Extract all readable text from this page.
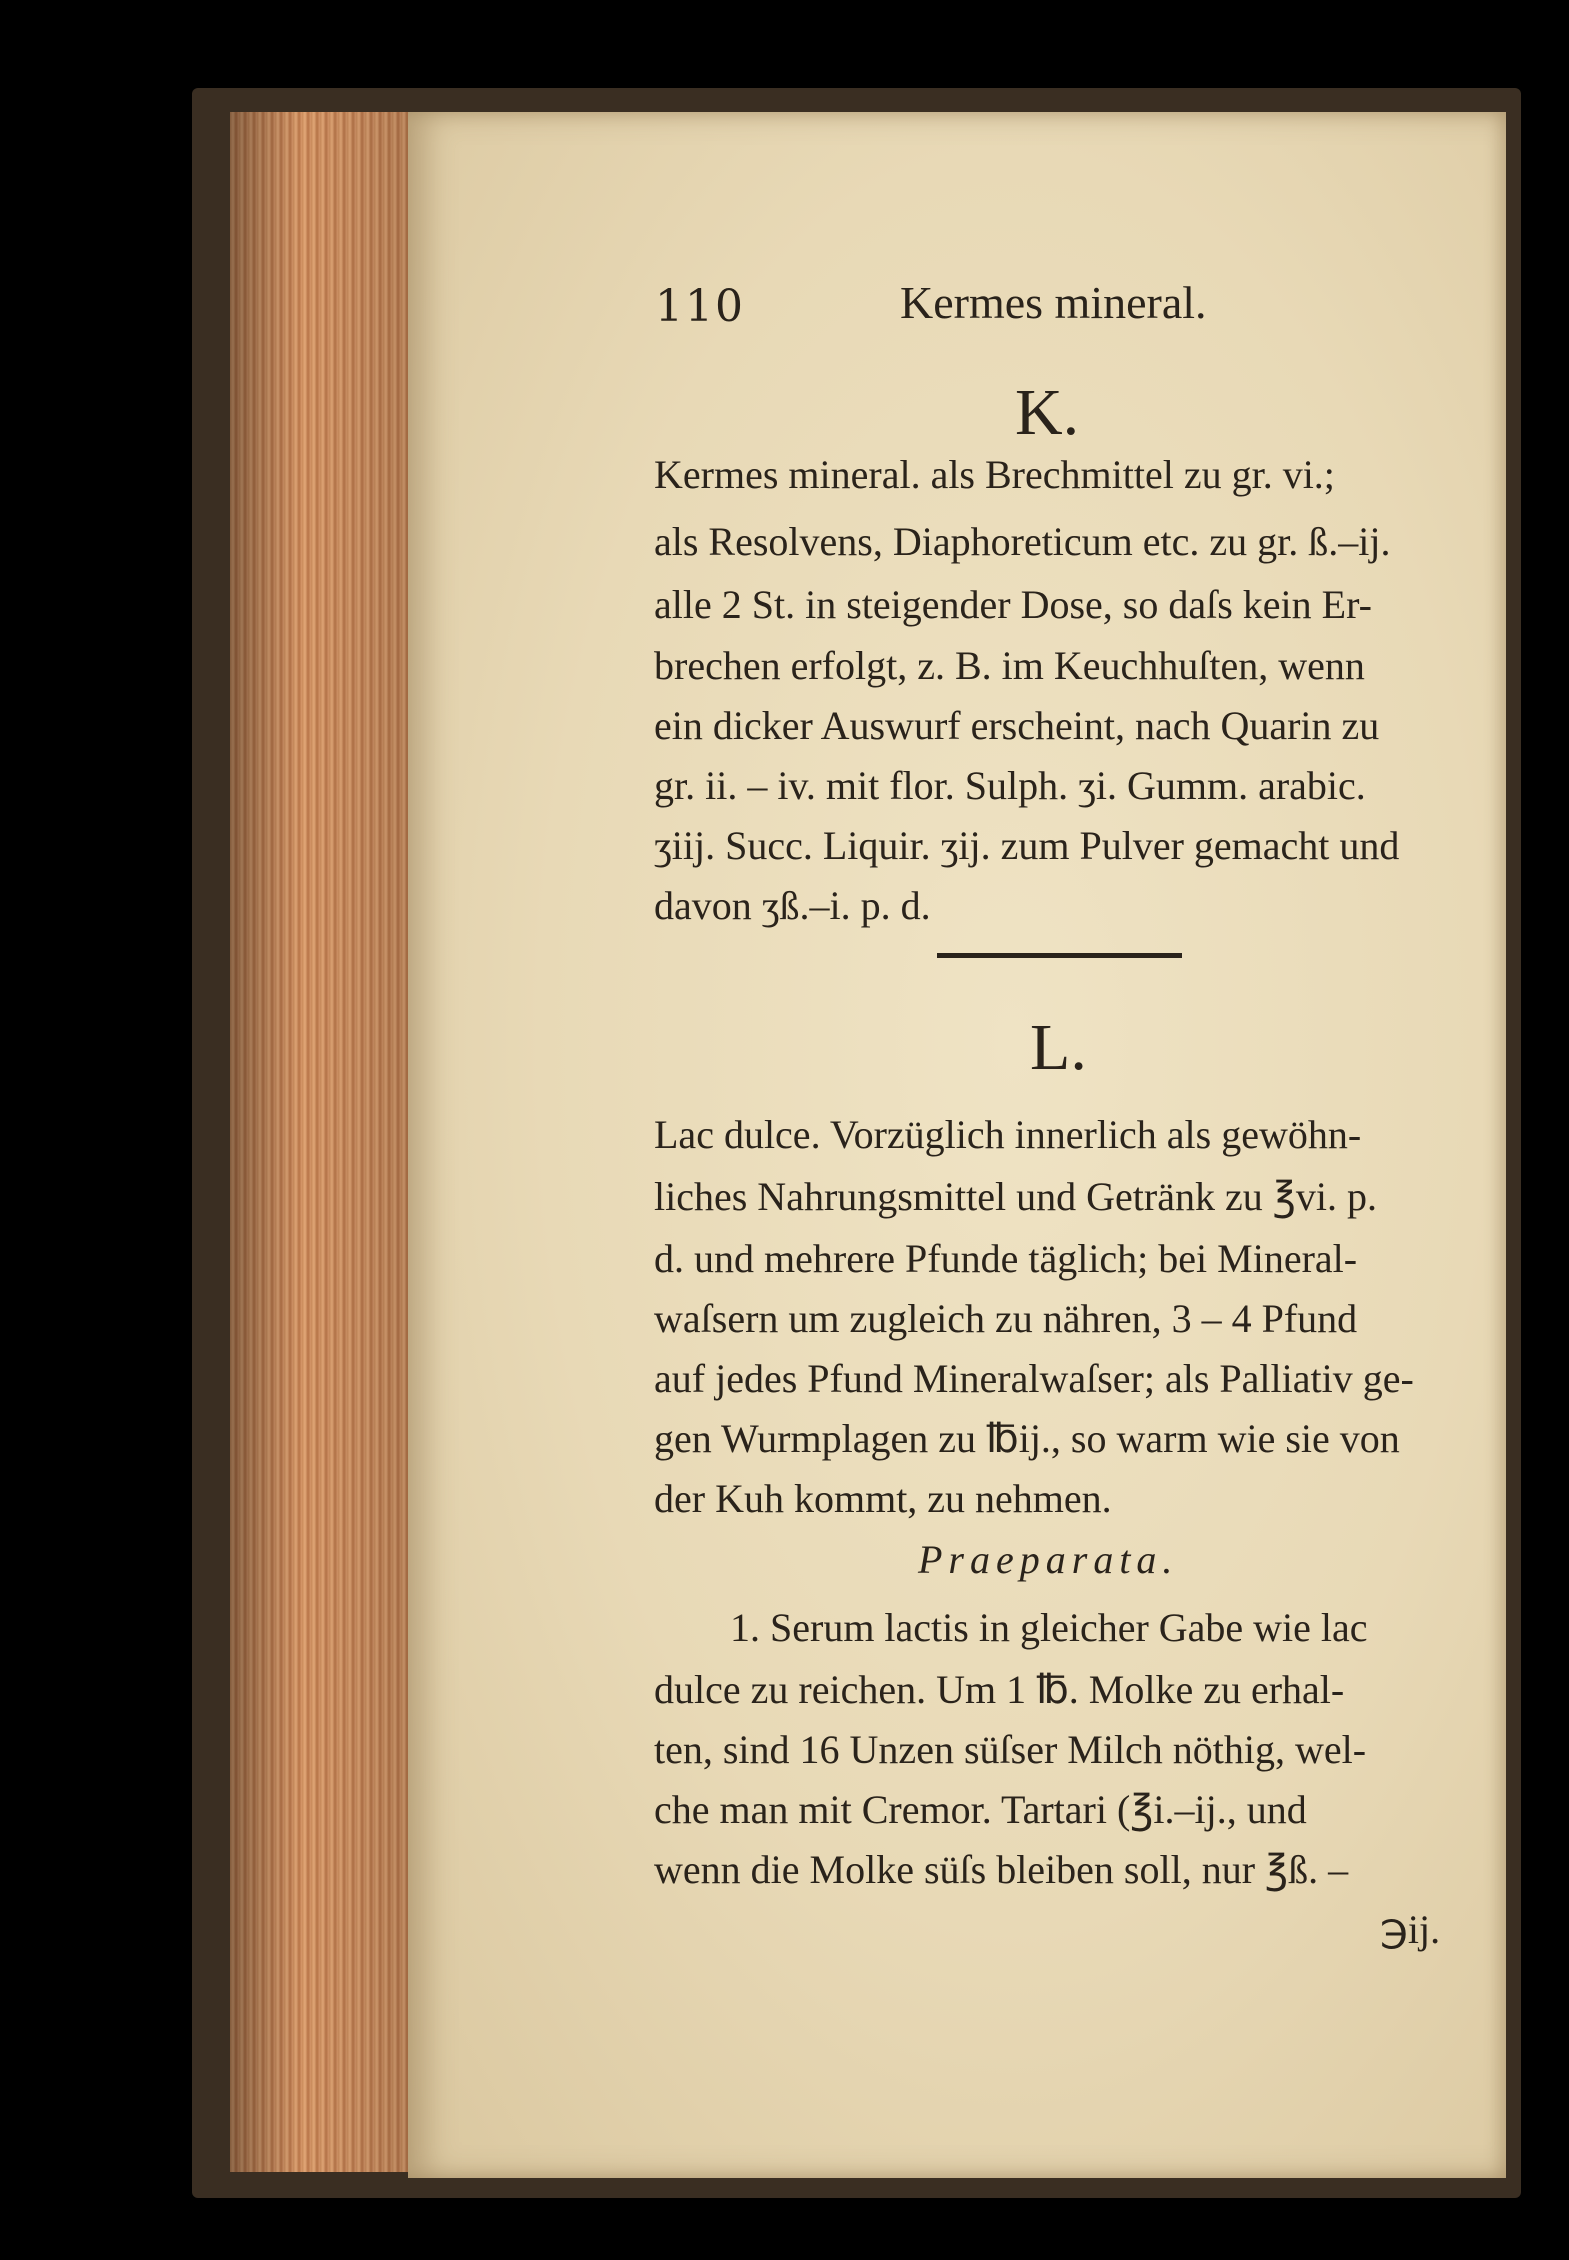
110	Kermes mineral.
K.
Kermes mineral. als Brechmittel zu gr. vi.;
als Resolvens, Diaphoreticum etc. zu gr. ß.–ij.
alle 2 St. in steigender Dose, so daſs kein Er-
brechen erfolgt, z. B. im Keuchhuſten, wenn
ein dicker Auswurf erscheint, nach Quarin zu
gr. ii. – iv. mit flor. Sulph. ʒi. Gumm. arabic.
ʒiij. Succ. Liquir. ʒij. zum Pulver gemacht und
davon ʒß.–i. p. d.
L.
Lac dulce. Vorzüglich innerlich als gewöhn-
liches Nahrungsmittel und Getränk zu ℥vi. p.
d. und mehrere Pfunde täglich; bei Mineral-
waſsern um zugleich zu nähren, 3 – 4 Pfund
auf jedes Pfund Mineralwaſser; als Palliativ ge-
gen Wurmplagen zu ℔ij., so warm wie sie von
der Kuh kommt, zu nehmen.
Praeparata.
1. Serum lactis in gleicher Gabe wie lac
dulce zu reichen. Um 1 ℔. Molke zu erhal-
ten, sind 16 Unzen süſser Milch nöthig, wel-
che man mit Cremor. Tartari (℥i.–ij., und
wenn die Molke süſs bleiben soll, nur ℥ß. –
℈ij.
